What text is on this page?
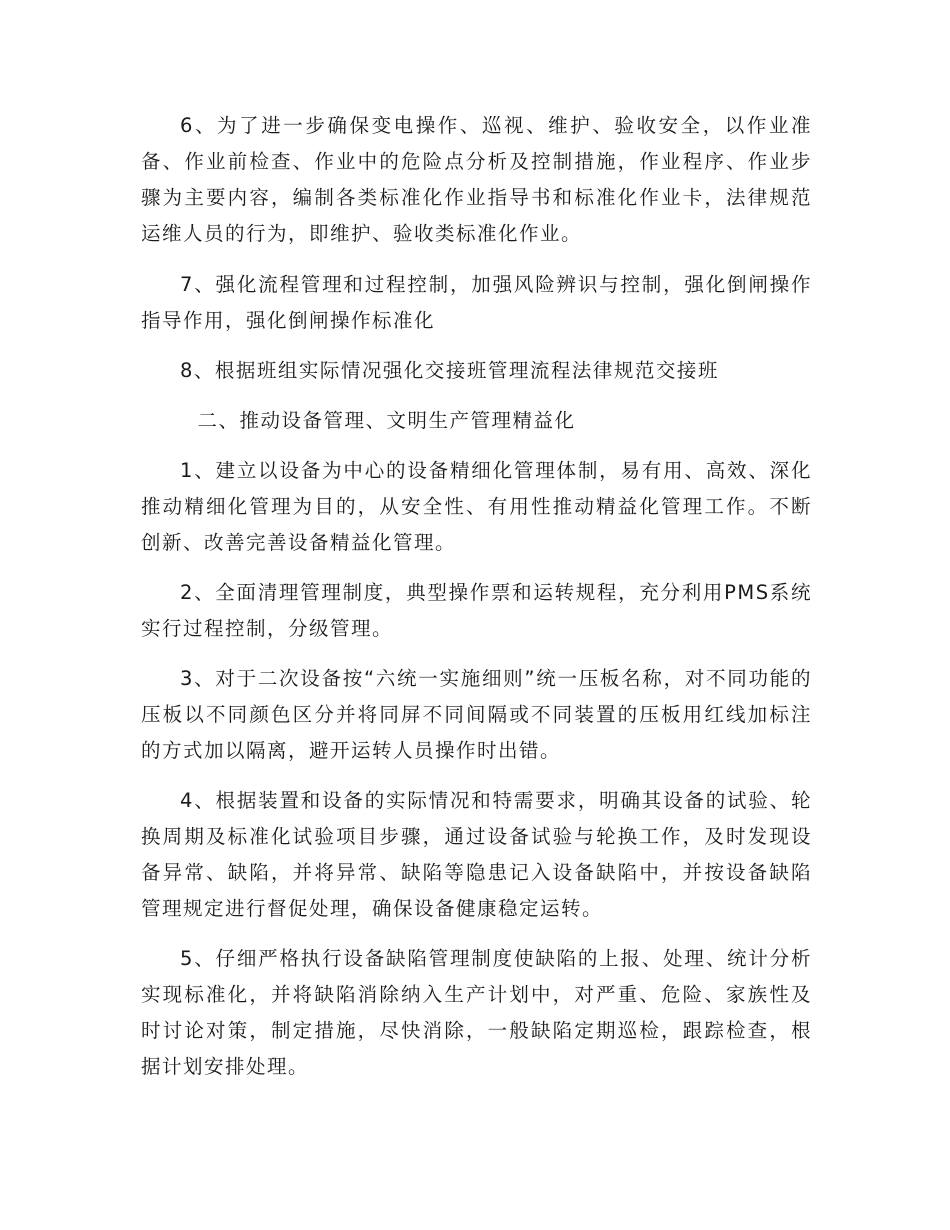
6、为了进一步确保变电操作、巡视、维护、验收安全，以作业准备、作业前检查、作业中的危险点分析及控制措施，作业程序、作业步骤为主要内容，编制各类标准化作业指导书和标准化作业卡，法律规范运维人员的行为，即维护、验收类标准化作业。

7、强化流程管理和过程控制，加强风险辨识与控制，强化倒闸操作指导作用，强化倒闸操作标准化

8、根据班组实际情况强化交接班管理流程法律规范交接班

二、推动设备管理、文明生产管理精益化

1、建立以设备为中心的设备精细化管理体制，易有用、高效、深化推动精细化管理为目的，从安全性、有用性推动精益化管理工作。不断创新、改善完善设备精益化管理。

2、全面清理管理制度，典型操作票和运转规程，充分利用PMS系统实行过程控制，分级管理。

3、对于二次设备按“六统一实施细则”统一压板名称，对不同功能的压板以不同颜色区分并将同屏不同间隔或不同装置的压板用红线加标注的方式加以隔离，避开运转人员操作时出错。

4、根据装置和设备的实际情况和特需要求，明确其设备的试验、轮换周期及标准化试验项目步骤，通过设备试验与轮换工作，及时发现设备异常、缺陷，并将异常、缺陷等隐患记入设备缺陷中，并按设备缺陷管理规定进行督促处理，确保设备健康稳定运转。

5、仔细严格执行设备缺陷管理制度使缺陷的上报、处理、统计分析实现标准化，并将缺陷消除纳入生产计划中，对严重、危险、家族性及时讨论对策，制定措施，尽快消除，一般缺陷定期巡检，跟踪检查，根据计划安排处理。
